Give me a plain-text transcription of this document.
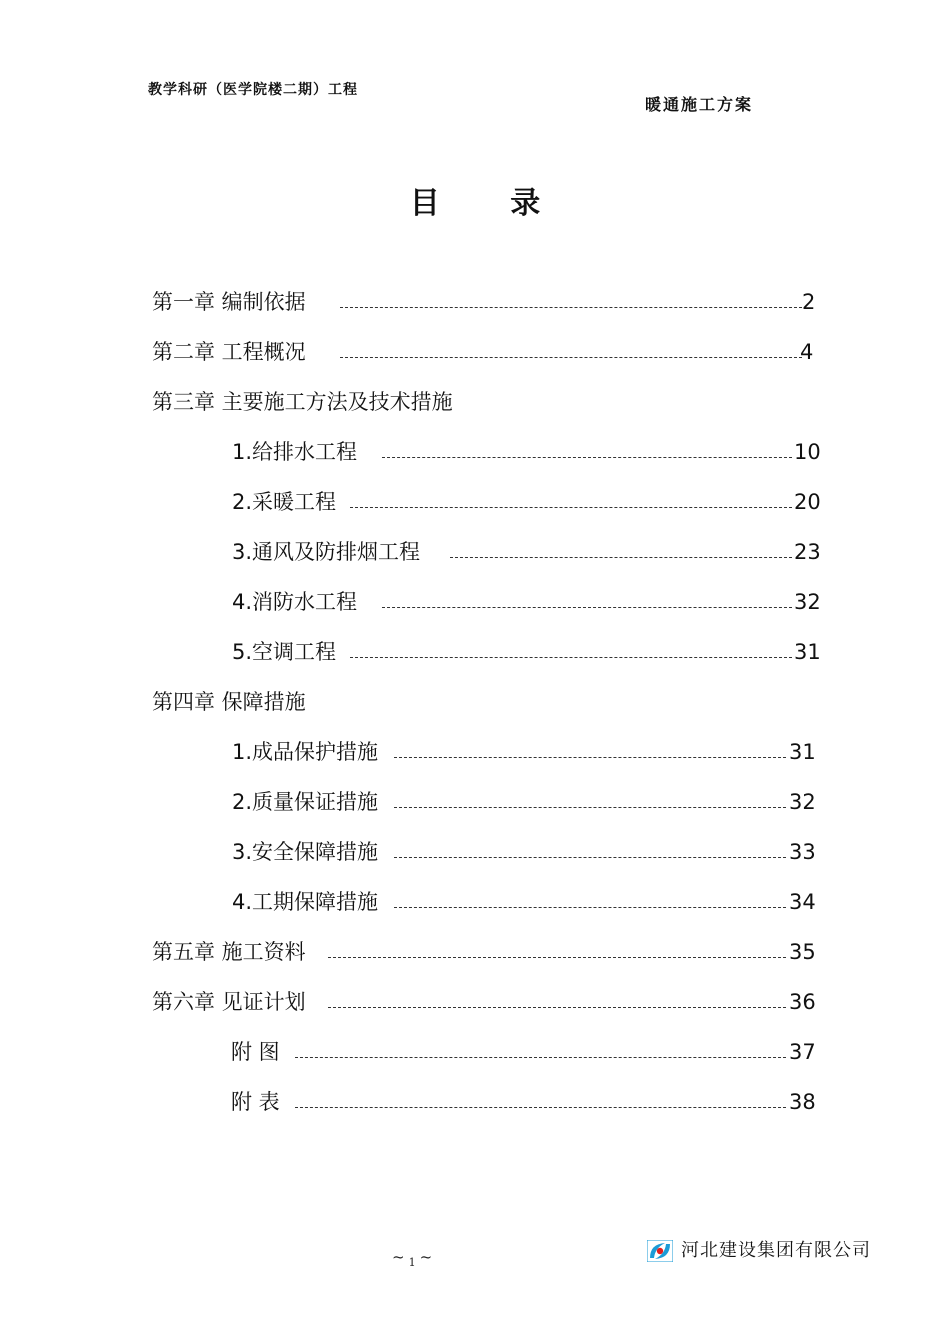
教学科研（医学院楼二期）工程
暖通施工方案
目 录
第一章 编制依据	2
第二章 工程概况	4
第三章 主要施工方法及技术措施
1.给排水工程	10
2.采暖工程	20
3.通风及防排烟工程	23
4.消防水工程	32
5.空调工程	31
第四章 保障措施
1.成品保护措施	31
2.质量保证措施	32
3.安全保障措施	33
4.工期保障措施	34
第五章 施工资料	35
第六章 见证计划	36
附 图	37
附 表	38
~ $_1$ ~	河北建设集团有限公司
